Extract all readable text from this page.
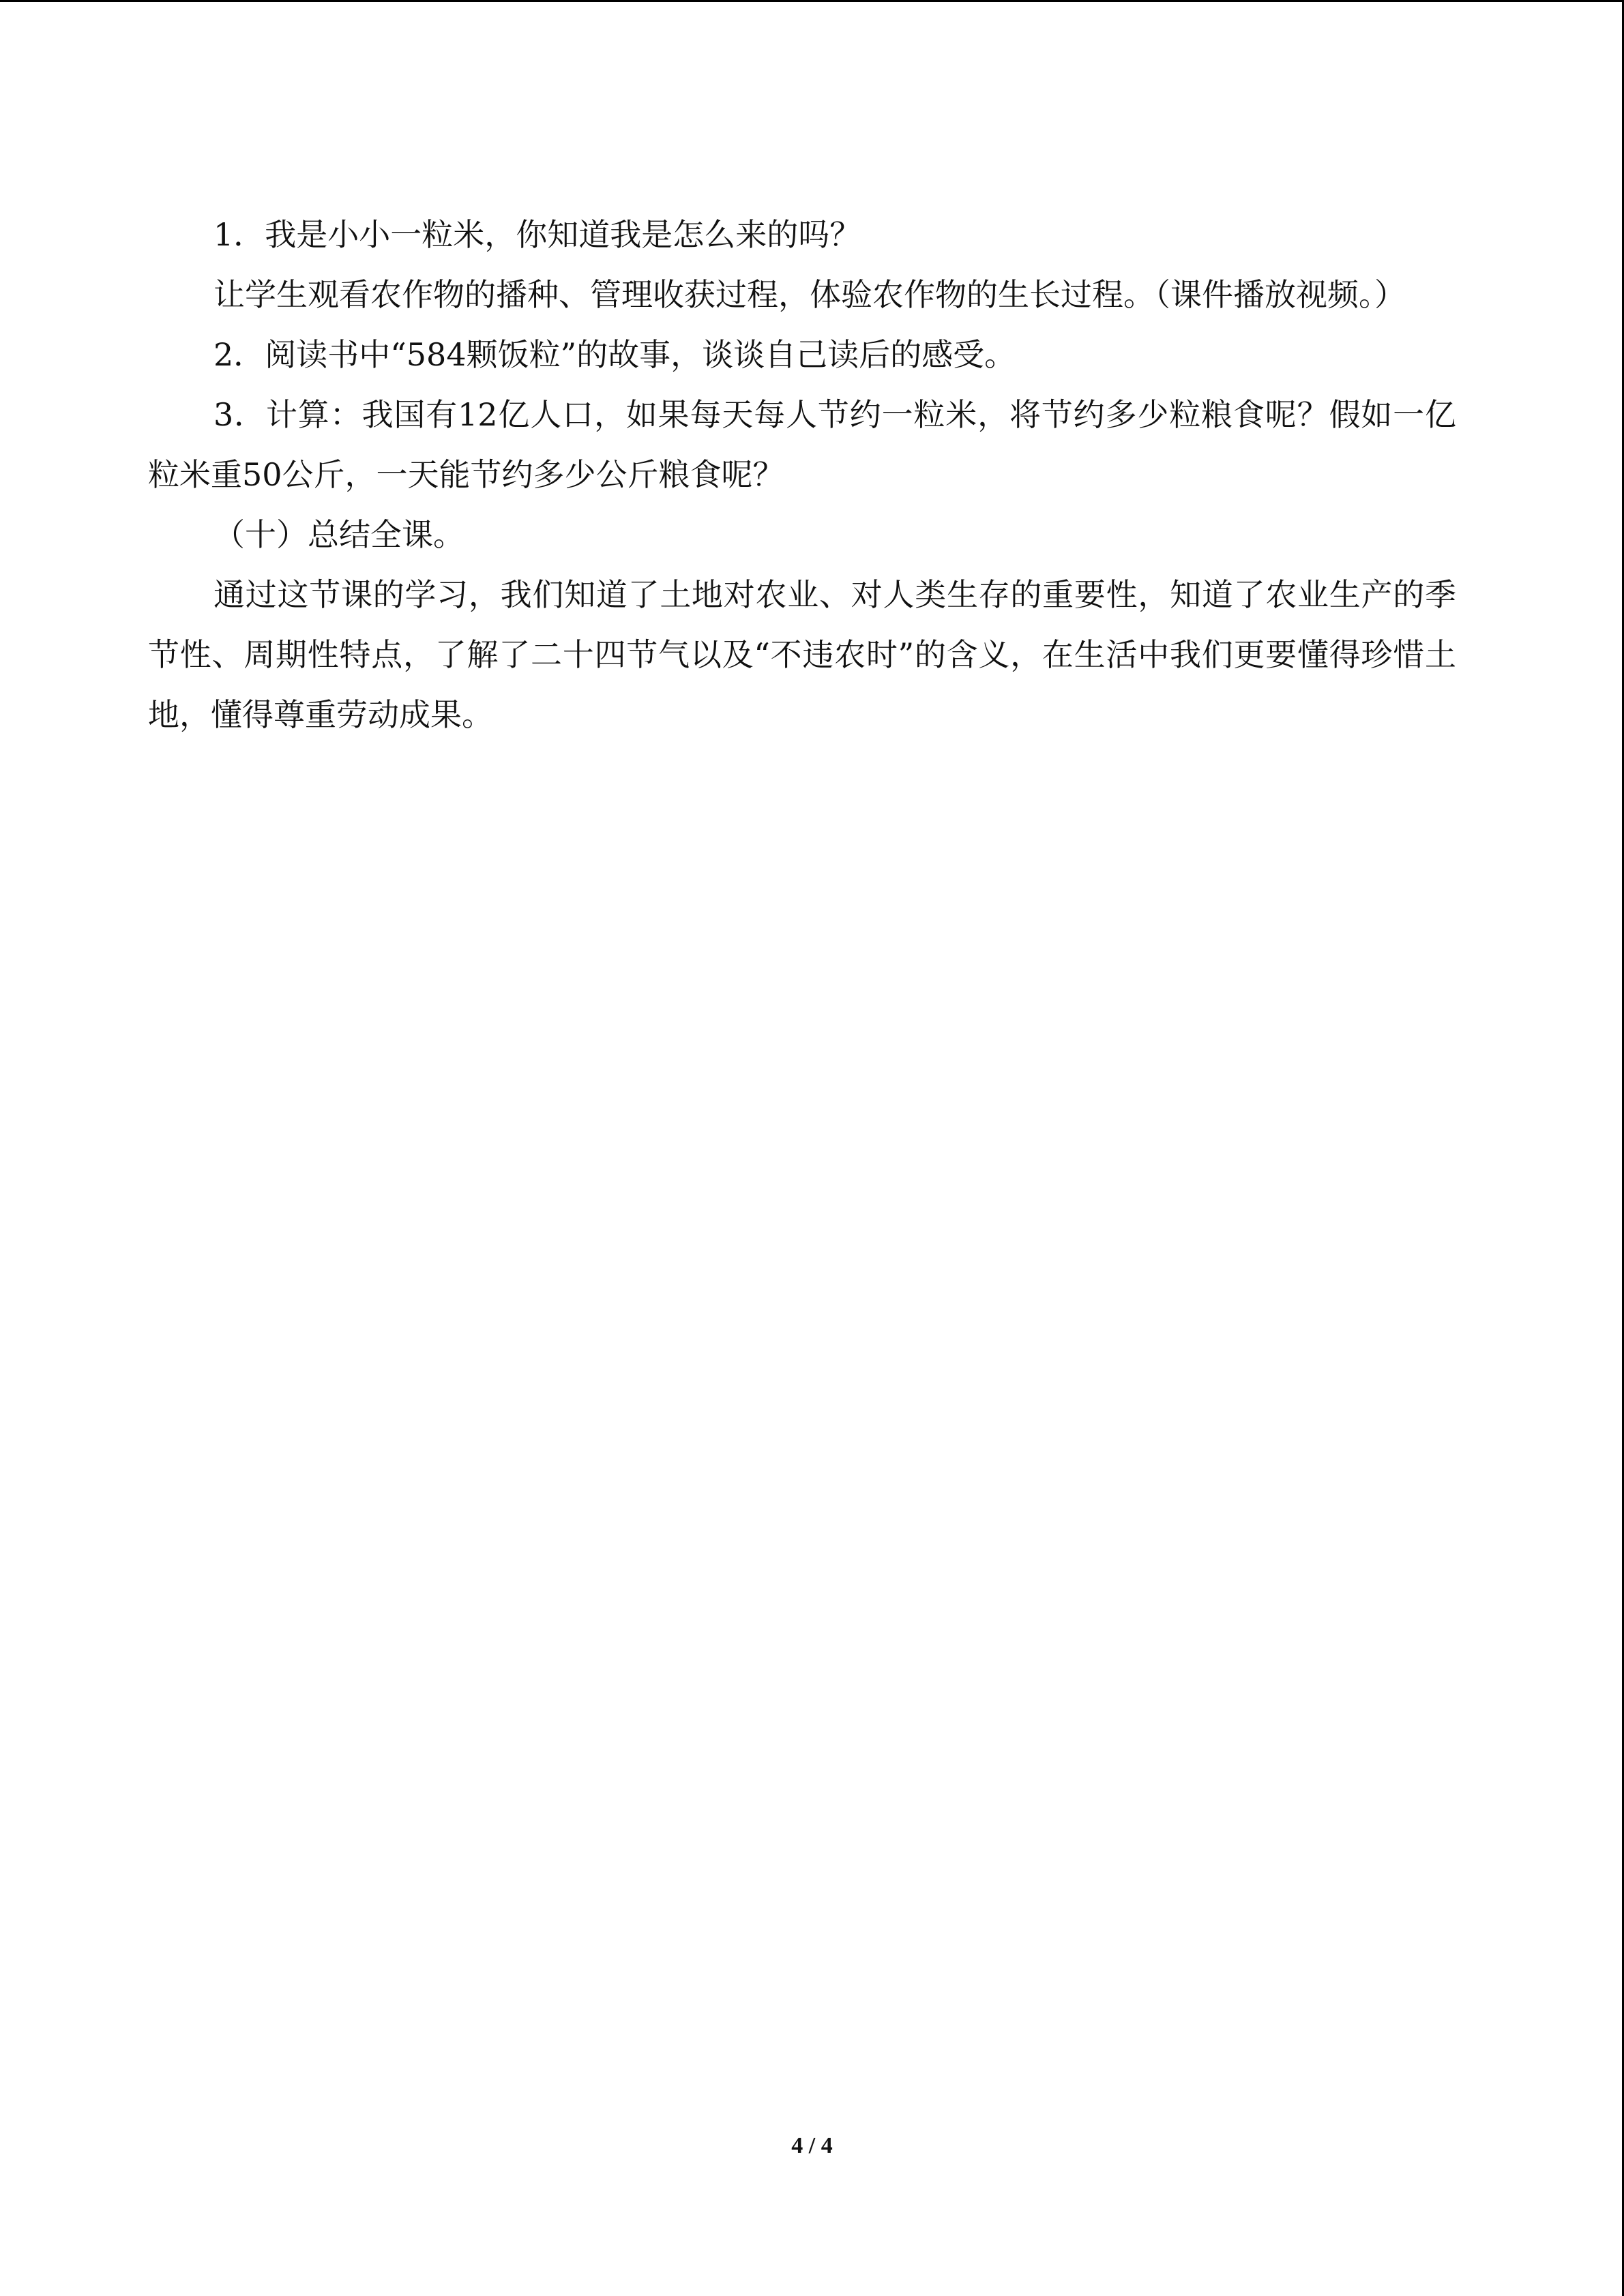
1．我是小小一粒米，你知道我是怎么来的吗？

让学生观看农作物的播种、管理收获过程，体验农作物的生长过程。（课件播放视频。）

2．阅读书中“584颗饭粒”的故事，谈谈自己读后的感受。

3．计算：我国有12亿人口，如果每天每人节约一粒米，将节约多少粒粮食呢？假如一亿粒米重50公斤，一天能节约多少公斤粮食呢？

（十）总结全课。

通过这节课的学习，我们知道了土地对农业、对人类生存的重要性，知道了农业生产的季节性、周期性特点，了解了二十四节气以及“不违农时”的含义，在生活中我们更要懂得珍惜土地，懂得尊重劳动成果。

4 / 4
